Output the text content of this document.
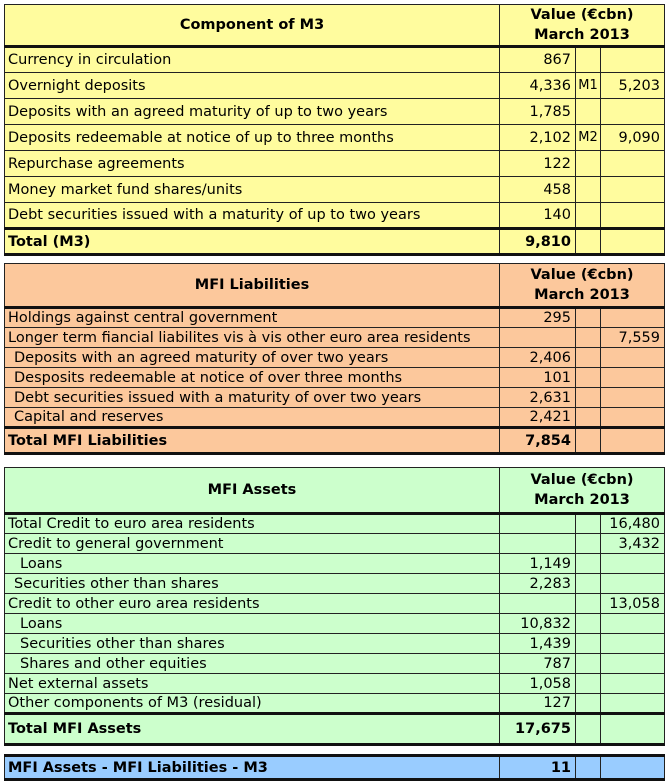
Component of M3	Value (€cbn)
March 2013		

Currency in circulation	867		
Overnight deposits	4,336	M1	5,203
Deposits with an agreed maturity of up to two years	1,785		
Deposits redeemable at notice of up to three months	2,102	M2	9,090
Repurchase agreements	122		
Money market fund shares/units	458		
Debt securities issued with a maturity of up to two years	140		
Total (M3)	9,810		
MFI Liabilities	Value (€cbn)
March 2013		

Holdings against central government	295		
Longer term fiancial liabilites vis à vis other euro area residents			7,559
Deposits with an agreed maturity of over two years	2,406		
Desposits redeemable at notice of over three months	101		
Debt securities issued with a maturity of over two years	2,631		
Capital and reserves	2,421		
Total MFI Liabilities	7,854		
MFI Assets	Value (€cbn)
March 2013		

Total Credit to euro area residents			16,480
Credit to general government			3,432
Loans	1,149		
Securities other than shares	2,283		
Credit to other euro area residents			13,058
Loans	10,832		
Securities other than shares	1,439		
Shares and other equities	787		
Net external assets	1,058		
Other components of M3 (residual)	127		
Total MFI Assets	17,675		
MFI Assets - MFI Liabilities - M3	11		
